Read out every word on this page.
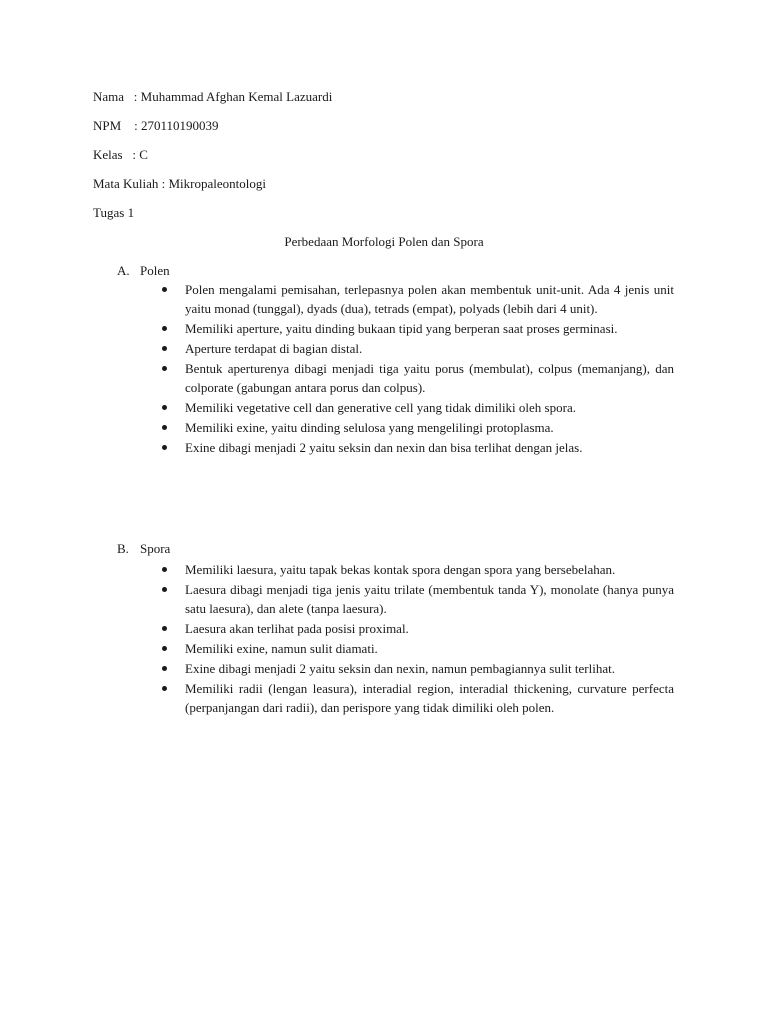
Nama   : Muhammad Afghan Kemal Lazuardi
NPM    : 270110190039
Kelas   : C
Mata Kuliah : Mikropaleontologi
Tugas 1
Perbedaan Morfologi Polen dan Spora
A. Polen
Polen mengalami pemisahan, terlepasnya polen akan membentuk unit-unit. Ada 4 jenis unit yaitu monad (tunggal), dyads (dua), tetrads (empat), polyads (lebih dari 4 unit).
Memiliki aperture, yaitu dinding bukaan tipid yang berperan saat proses germinasi.
Aperture terdapat di bagian distal.
Bentuk aperturenya dibagi menjadi tiga yaitu porus (membulat), colpus (memanjang), dan colporate (gabungan antara porus dan colpus).
Memiliki vegetative cell dan generative cell yang tidak dimiliki oleh spora.
Memiliki exine, yaitu dinding selulosa yang mengelilingi protoplasma.
Exine dibagi menjadi 2 yaitu seksin dan nexin dan bisa terlihat dengan jelas.
B. Spora
Memiliki laesura, yaitu tapak bekas kontak spora dengan spora yang bersebelahan.
Laesura dibagi menjadi tiga jenis yaitu trilate (membentuk tanda Y), monolate (hanya punya satu laesura), dan alete (tanpa laesura).
Laesura akan terlihat pada posisi proximal.
Memiliki exine, namun sulit diamati.
Exine dibagi menjadi 2 yaitu seksin dan nexin, namun pembagiannya sulit terlihat.
Memiliki radii (lengan leasura), interadial region, interadial thickening, curvature perfecta (perpanjangan dari radii), dan perispore yang tidak dimiliki oleh polen.
